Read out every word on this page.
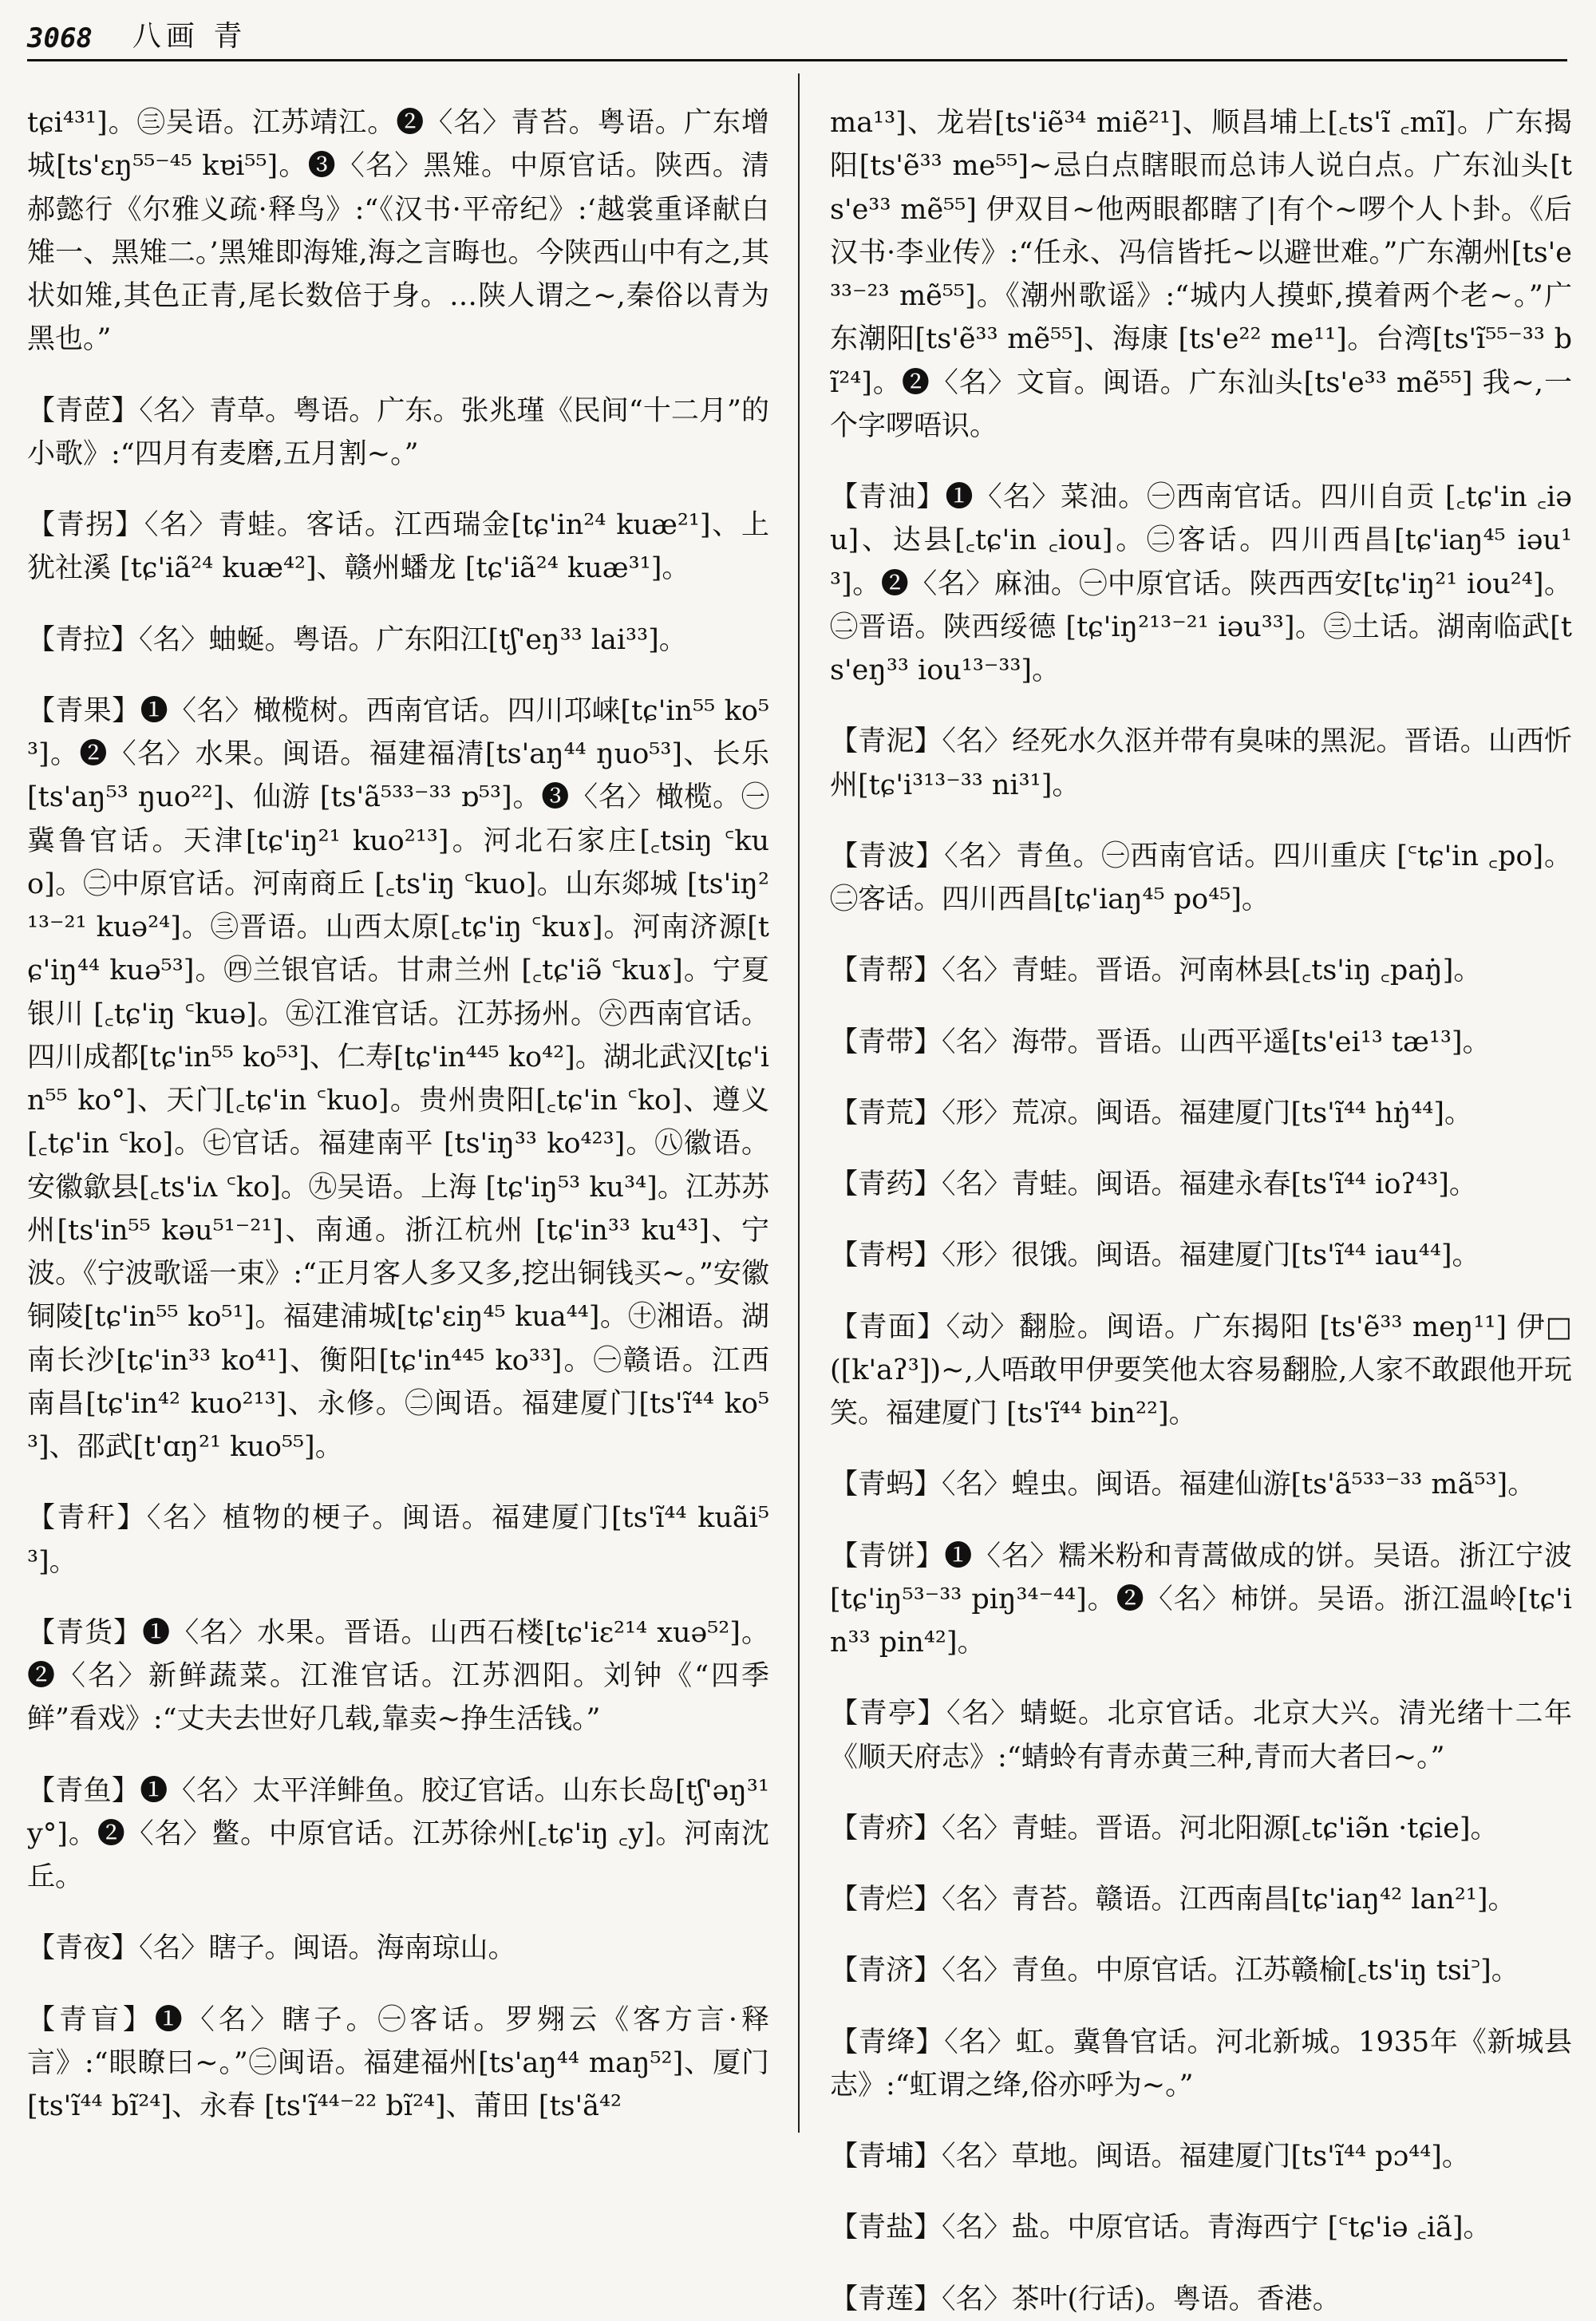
3068 八画 青

tɕi⁴³¹]。㊂吴语。江苏靖江。❷〈名〉青苔。粤语。广东增城[ts'ɛŋ⁵⁵⁻⁴⁵ kɐi⁵⁵]。❸〈名〉黑雉。中原官话。陕西。清郝懿行《尔雅义疏·释鸟》:“《汉书·平帝纪》:‘越裳重译献白雉一、黑雉二。’黑雉即海雉,海之言晦也。今陕西山中有之,其状如雉,其色正青,尾长数倍于身。…陕人谓之~,秦俗以青为黑也。”

【青茝】〈名〉青草。粤语。广东。张兆瑾《民间“十二月”的小歌》:“四月有麦磨,五月割~。”

【青拐】〈名〉青蛙。客话。江西瑞金[tɕ'in²⁴ kuæ²¹]、上犹社溪 [tɕ'iã²⁴ kuæ⁴²]、赣州蟠龙 [tɕ'iã²⁴ kuæ³¹]。

【青拉】〈名〉蚰蜒。粤语。广东阳江[tʃ'eŋ³³ lai³³]。

【青果】❶〈名〉橄榄树。西南官话。四川邛崃[tɕ'in⁵⁵ ko⁵³]。❷〈名〉水果。闽语。福建福清[ts'aŋ⁴⁴ ŋuo⁵³]、长乐[ts'aŋ⁵³ ŋuo²²]、仙游 [ts'ã⁵³³⁻³³ ɒ⁵³]。❸〈名〉橄榄。㊀冀鲁官话。天津[tɕ'iŋ²¹ kuo²¹³]。河北石家庄[꜀tsiŋ ꜂kuo]。㊁中原官话。河南商丘 [꜀ts'iŋ ꜂kuo]。山东郯城 [ts'iŋ²¹³⁻²¹ kuə²⁴]。㊂晋语。山西太原[꜀tɕ'iŋ ꜂kuɤ]。河南济源[tɕ'iŋ⁴⁴ kuə⁵³]。㊃兰银官话。甘肃兰州 [꜀tɕ'iə̃ ꜂kuɤ]。宁夏银川 [꜀tɕ'iŋ ꜂kuə]。㊄江淮官话。江苏扬州。㊅西南官话。四川成都[tɕ'in⁵⁵ ko⁵³]、仁寿[tɕ'in⁴⁴⁵ ko⁴²]。湖北武汉[tɕ'in⁵⁵ ko°]、天门[꜀tɕ'in ꜂kuo]。贵州贵阳[꜀tɕ'in ꜂ko]、遵义[꜀tɕ'in ꜂ko]。㊆官话。福建南平 [ts'iŋ³³ ko⁴²³]。㊇徽语。安徽歙县[꜀ts'iʌ ꜂ko]。㊈吴语。上海 [tɕ'iŋ⁵³ ku³⁴]。江苏苏州[ts'in⁵⁵ kəu⁵¹⁻²¹]、南通。浙江杭州 [tɕ'in³³ ku⁴³]、宁波。《宁波歌谣一束》:“正月客人多又多,挖出铜钱买~。”安徽铜陵[tɕ'in⁵⁵ ko⁵¹]。福建浦城[tɕ'ɛiŋ⁴⁵ kua⁴⁴]。㊉湘语。湖南长沙[tɕ'in³³ ko⁴¹]、衡阳[tɕ'in⁴⁴⁵ ko³³]。㊀赣语。江西南昌[tɕ'in⁴² kuo²¹³]、永修。㊁闽语。福建厦门[ts'ĩ⁴⁴ ko⁵³]、邵武[t'ɑŋ²¹ kuo⁵⁵]。

【青秆】〈名〉植物的梗子。闽语。福建厦门[ts'ĩ⁴⁴ kuãi⁵³]。

【青货】❶〈名〉水果。晋语。山西石楼[tɕ'iɛ²¹⁴ xuə⁵²]。❷〈名〉新鲜蔬菜。江淮官话。江苏泗阳。刘钟《“四季鲜”看戏》:“丈夫去世好几载,靠卖~挣生活钱。”

【青鱼】❶〈名〉太平洋鲱鱼。胶辽官话。山东长岛[tʃ'əŋ³¹ y°]。❷〈名〉鳖。中原官话。江苏徐州[꜀tɕ'iŋ ꜀y]。河南沈丘。

【青夜】〈名〉瞎子。闽语。海南琼山。

【青盲】❶〈名〉瞎子。㊀客话。罗翙云《客方言·释言》:“眼瞭曰~。”㊁闽语。福建福州[ts'aŋ⁴⁴ maŋ⁵²]、厦门[ts'ĩ⁴⁴ bĩ²⁴]、永春 [ts'ĩ⁴⁴⁻²² bĩ²⁴]、莆田 [ts'ã⁴²

ma¹³]、龙岩[ts'iẽ³⁴ miẽ²¹]、顺昌埔上[꜀ts'ĩ ꜀mĩ]。广东揭阳[ts'ẽ³³ me⁵⁵]~忌白点瞎眼而总讳人说白点。广东汕头[ts'e³³ mẽ⁵⁵] 伊双目~他两眼都瞎了|有个~啰个人卜卦。《后汉书·李业传》:“任永、冯信皆托~以避世难。”广东潮州[ts'e³³⁻²³ mẽ⁵⁵]。《潮州歌谣》:“城内人摸虾,摸着两个老~。”广东潮阳[ts'ẽ³³ mẽ⁵⁵]、海康 [ts'e²² me¹¹]。台湾[ts'ĩ⁵⁵⁻³³ bĩ²⁴]。❷〈名〉文盲。闽语。广东汕头[ts'e³³ mẽ⁵⁵] 我~,一个字啰唔识。

【青油】❶〈名〉菜油。㊀西南官话。四川自贡 [꜀tɕ'in ꜀iəu]、达县[꜀tɕ'in ꜀iou]。㊁客话。四川西昌[tɕ'iaŋ⁴⁵ iəu¹³]。❷〈名〉麻油。㊀中原官话。陕西西安[tɕ'iŋ²¹ iou²⁴]。㊁晋语。陕西绥德 [tɕ'iŋ²¹³⁻²¹ iəu³³]。㊂土话。湖南临武[ts'eŋ³³ iou¹³⁻³³]。

【青泥】〈名〉经死水久沤并带有臭味的黑泥。晋语。山西忻州[tɕ'i³¹³⁻³³ ni³¹]。

【青波】〈名〉青鱼。㊀西南官话。四川重庆 [꜂tɕ'in ꜀po]。㊁客话。四川西昌[tɕ'iaŋ⁴⁵ po⁴⁵]。

【青帮】〈名〉青蛙。晋语。河南林县[꜀ts'iŋ ꜀paŋ̇]。

【青带】〈名〉海带。晋语。山西平遥[ts'ei¹³ tæ¹³]。

【青荒】〈形〉荒凉。闽语。福建厦门[ts'ĩ⁴⁴ hŋ̇⁴⁴]。

【青药】〈名〉青蛙。闽语。福建永春[ts'ĩ⁴⁴ ioʔ⁴³]。

【青枵】〈形〉很饿。闽语。福建厦门[ts'ĩ⁴⁴ iau⁴⁴]。

【青面】〈动〉翻脸。闽语。广东揭阳 [ts'ẽ³³ meŋ¹¹] 伊□([k'aʔ³])~,人唔敢甲伊要笑他太容易翻脸,人家不敢跟他开玩笑。福建厦门 [ts'ĩ⁴⁴ bin²²]。

【青蚂】〈名〉蝗虫。闽语。福建仙游[ts'ã⁵³³⁻³³ mã⁵³]。

【青饼】❶〈名〉糯米粉和青蒿做成的饼。吴语。浙江宁波[tɕ'iŋ⁵³⁻³³ piŋ³⁴⁻⁴⁴]。❷〈名〉柿饼。吴语。浙江温岭[tɕ'in³³ pin⁴²]。

【青亭】〈名〉蜻蜓。北京官话。北京大兴。清光绪十二年《顺天府志》:“蜻蛉有青赤黄三种,青而大者曰~。”

【青疥】〈名〉青蛙。晋语。河北阳源[꜀tɕ'iə̃n ·tɕie]。

【青烂】〈名〉青苔。赣语。江西南昌[tɕ'iaŋ⁴² lan²¹]。

【青济】〈名〉青鱼。中原官话。江苏赣榆[꜀ts'iŋ tsi꜄]。

【青绛】〈名〉虹。冀鲁官话。河北新城。1935年《新城县志》:“虹谓之绛,俗亦呼为~。”

【青埔】〈名〉草地。闽语。福建厦门[ts'ĩ⁴⁴ pɔ⁴⁴]。

【青盐】〈名〉盐。中原官话。青海西宁 [꜂tɕ'iə ꜀iã]。

【青莲】〈名〉茶叶(行话)。粤语。香港。
